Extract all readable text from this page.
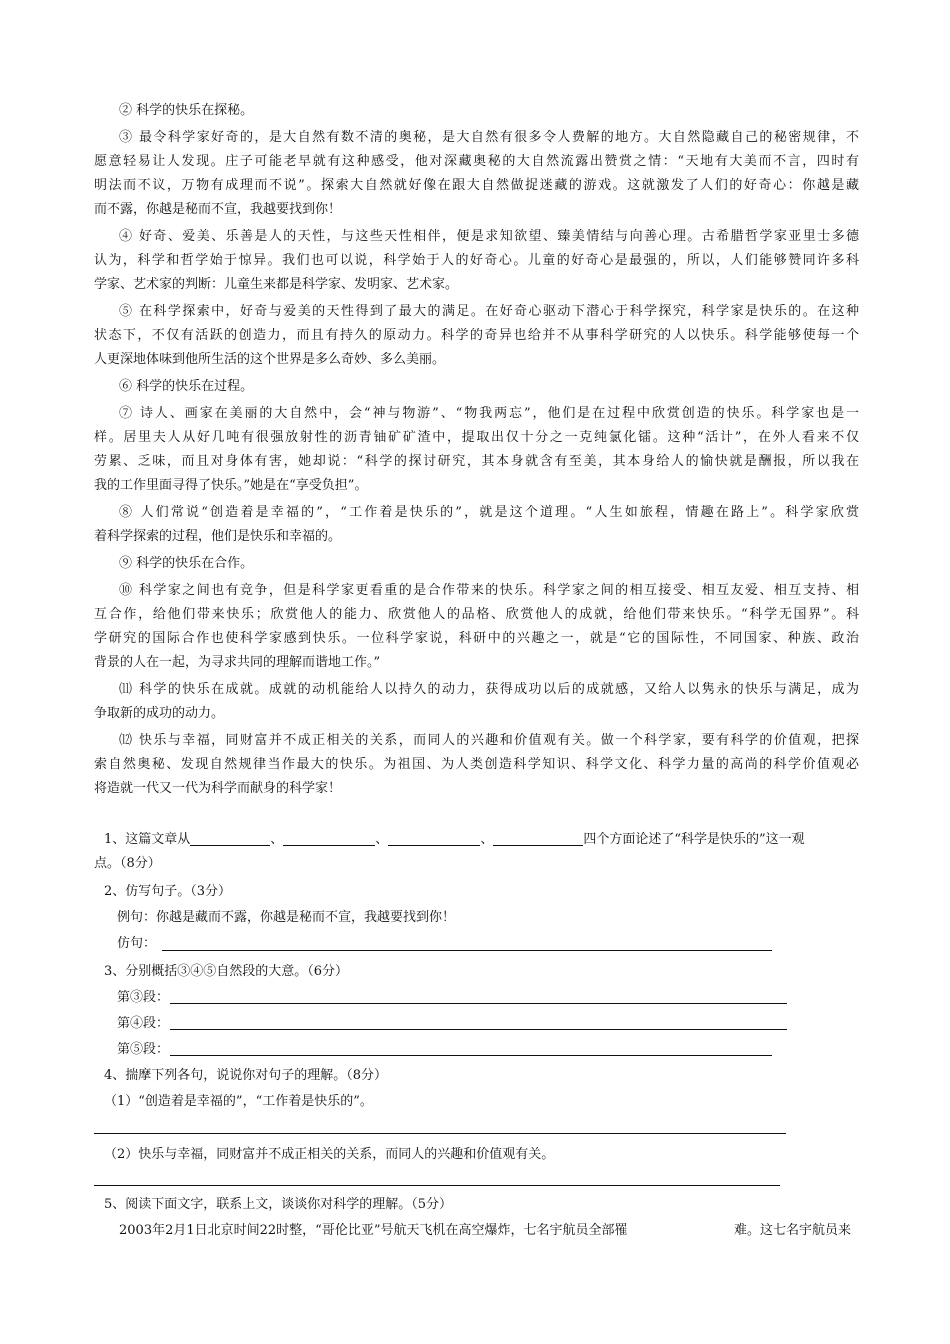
② 科学的快乐在探秘。
③ 最令科学家好奇的，是大自然有数不清的奥秘，是大自然有很多令人费解的地方。大自然隐藏自己的秘密规律，不
愿意轻易让人发现。庄子可能老早就有这种感受，他对深藏奥秘的大自然流露出赞赏之情：“天地有大美而不言，四时有
明法而不议，万物有成理而不说”。探索大自然就好像在跟大自然做捉迷藏的游戏。这就激发了人们的好奇心：你越是藏
而不露，你越是秘而不宣，我越要找到你！
④ 好奇、爱美、乐善是人的天性，与这些天性相伴，便是求知欲望、臻美情结与向善心理。古希腊哲学家亚里士多德
认为，科学和哲学始于惊异。我们也可以说，科学始于人的好奇心。儿童的好奇心是最强的，所以，人们能够赞同许多科
学家、艺术家的判断：儿童生来都是科学家、发明家、艺术家。
⑤ 在科学探索中，好奇与爱美的天性得到了最大的满足。在好奇心驱动下潜心于科学探究，科学家是快乐的。在这种
状态下，不仅有活跃的创造力，而且有持久的原动力。科学的奇异也给并不从事科学研究的人以快乐。科学能够使每一个
人更深地体味到他所生活的这个世界是多么奇妙、多么美丽。
⑥ 科学的快乐在过程。
⑦ 诗人、画家在美丽的大自然中，会“神与物游”、“物我两忘”，他们是在过程中欣赏创造的快乐。科学家也是一
样。居里夫人从好几吨有很强放射性的沥青铀矿矿渣中，提取出仅十分之一克纯氯化镭。这种“活计”，在外人看来不仅
劳累、乏味，而且对身体有害，她却说：“科学的探讨研究，其本身就含有至美，其本身给人的愉快就是酬报，所以我在
我的工作里面寻得了快乐。”她是在“享受负担”。
⑧ 人们常说“创造着是幸福的”，“工作着是快乐的”，就是这个道理。“人生如旅程，情趣在路上”。科学家欣赏
着科学探索的过程，他们是快乐和幸福的。
⑨ 科学的快乐在合作。
⑩ 科学家之间也有竞争，但是科学家更看重的是合作带来的快乐。科学家之间的相互接受、相互友爱、相互支持、相
互合作，给他们带来快乐；欣赏他人的能力、欣赏他人的品格、欣赏他人的成就，给他们带来快乐。“科学无国界”。科
学研究的国际合作也使科学家感到快乐。一位科学家说，科研中的兴趣之一，就是“它的国际性，不同国家、种族、政治
背景的人在一起，为寻求共同的理解而谐地工作。”
⑾ 科学的快乐在成就。成就的动机能给人以持久的动力，获得成功以后的成就感，又给人以隽永的快乐与满足，成为
争取新的成功的动力。
⑿ 快乐与幸福，同财富并不成正相关的关系，而同人的兴趣和价值观有关。做一个科学家，要有科学的价值观，把探
索自然奥秘、发现自然规律当作最大的快乐。为祖国、为人类创造科学知识、科学文化、科学力量的高尚的科学价值观必
将造就一代又一代为科学而献身的科学家！
1、这篇文章从	、	、	、	四个方面论述了“科学是快乐的”这一观
点。（8分）
2、仿写句子。（3分）
例句：你越是藏而不露，你越是秘而不宣，我越要找到你！
仿句：
3、分别概括③④⑤自然段的大意。（6分）
第③段：
第④段：
第⑤段：
4、揣摩下列各句，说说你对句子的理解。（8分）
（1）“创造着是幸福的”，“工作着是快乐的”。
（2）快乐与幸福，同财富并不成正相关的关系，而同人的兴趣和价值观有关。
5、阅读下面文字，联系上文，谈谈你对科学的理解。（5分）
2003年2月1日北京时间22时整，“哥伦比亚”号航天飞机在高空爆炸，七名宇航员全部罹	难。这七名宇航员来
